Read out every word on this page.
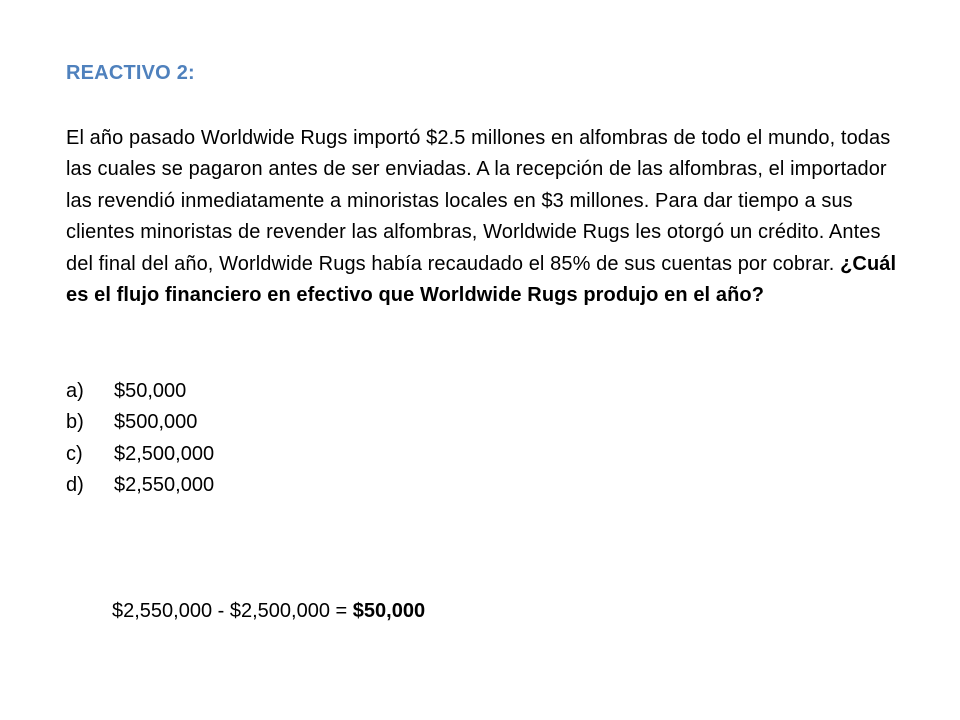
REACTIVO 2:
El año pasado Worldwide Rugs importó $2.5 millones en alfombras de todo el mundo, todas las cuales se pagaron antes de ser enviadas. A la recepción de las alfombras, el importador las revendió inmediatamente a minoristas locales en $3 millones. Para dar tiempo a sus clientes minoristas de revender las alfombras, Worldwide Rugs les otorgó un crédito. Antes del final del año, Worldwide Rugs había recaudado el 85% de sus cuentas por cobrar. ¿Cuál es el flujo financiero en efectivo que Worldwide Rugs produjo en el año?
a)	$50,000
b)	$500,000
c)	$2,500,000
d)	$2,550,000
$2,550,000 - $2,500,000 = $50,000
